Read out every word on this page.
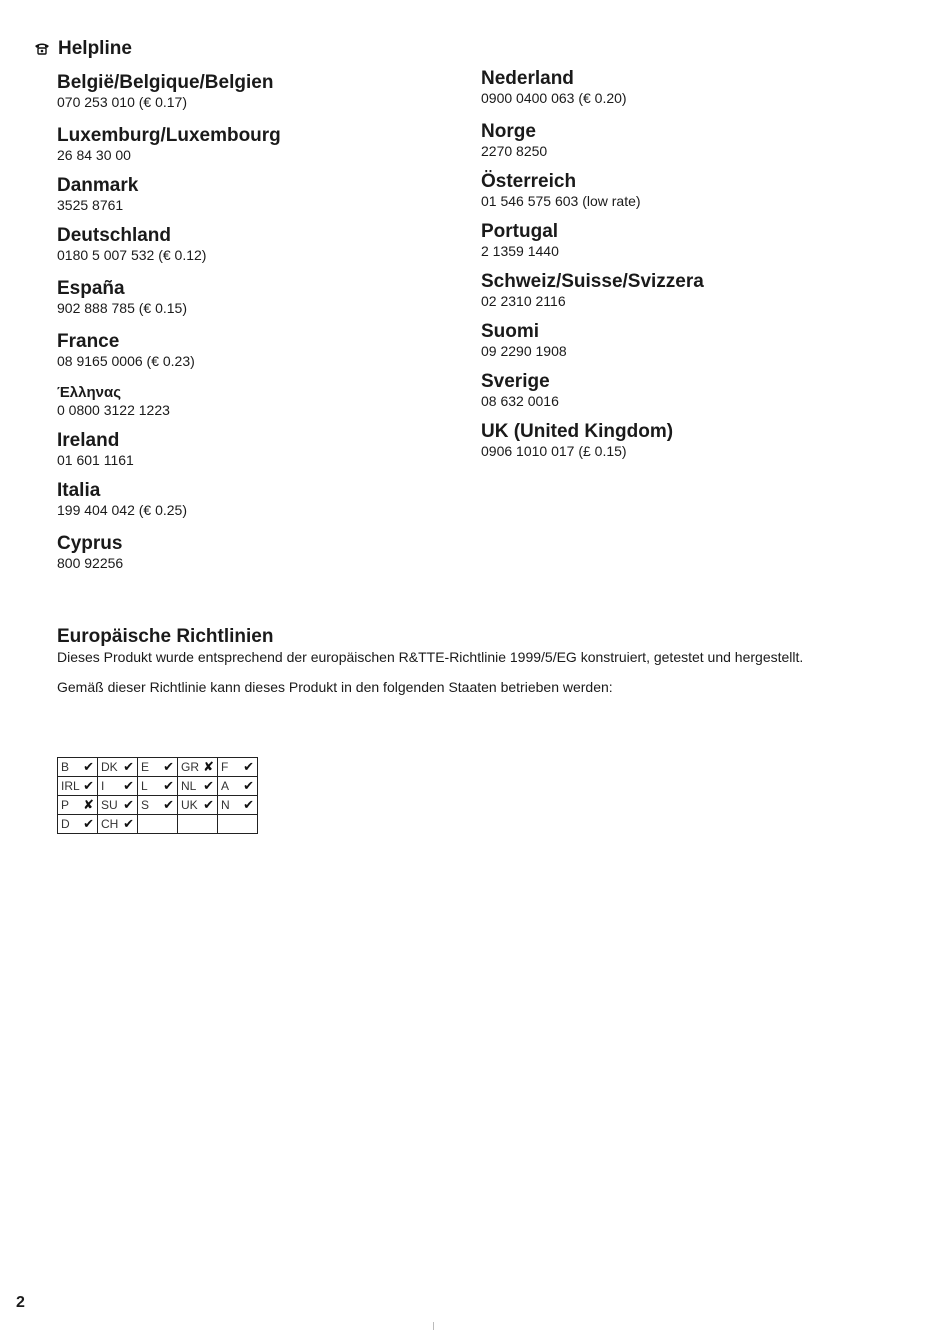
Helpline
België/Belgique/Belgien
070 253 010 (€ 0.17)
Luxemburg/Luxembourg
26 84 30 00
Danmark
3525 8761
Deutschland
0180 5 007 532 (€ 0.12)
España
902 888 785 (€ 0.15)
France
08 9165 0006 (€ 0.23)
Έλληνας
0 0800 3122 1223
Ireland
01 601 1161
Italia
199 404 042 (€ 0.25)
Cyprus
800 92256
Nederland
0900 0400 063 (€ 0.20)
Norge
2270 8250
Österreich
01 546 575 603 (low rate)
Portugal
2 1359 1440
Schweiz/Suisse/Svizzera
02 2310 2116
Suomi
09 2290 1908
Sverige
08 632 0016
UK (United Kingdom)
0906 1010 017 (£ 0.15)
Europäische Richtlinien
Dieses Produkt wurde entsprechend der europäischen R&TTE-Richtlinie 1999/5/EG konstruiert, getestet und hergestellt.
Gemäß dieser Richtlinie kann dieses Produkt in den folgenden Staaten betrieben werden:
B ✔	DK ✔	E ✔	GR ✘	F ✔

IRL ✔	I ✔	L ✔	NL ✔	A ✔

P ✘	SU ✔	S ✔	UK ✔	N ✔

D ✔	CH ✔			

2
